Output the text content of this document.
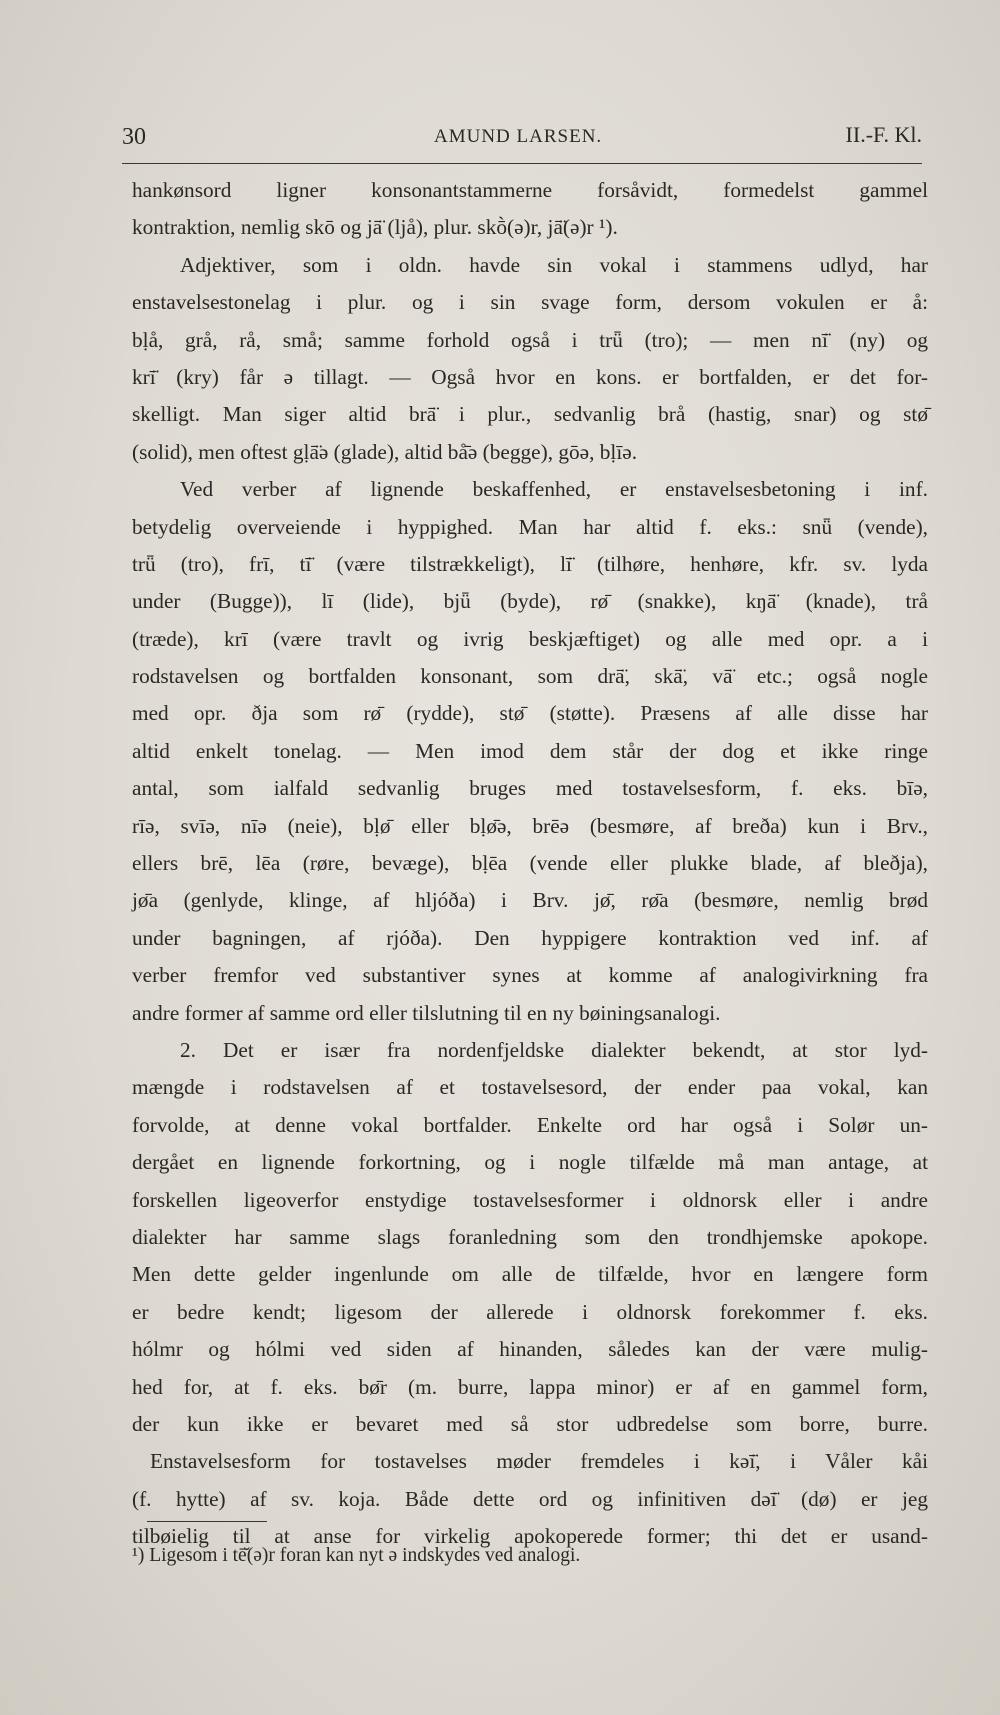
30	AMUND LARSEN.	II.-F. Kl.
hankønsord ligner konsonantstammerne forsåvidt, formedelst gammel
kontraktion, nemlig skō og jā̈ (ljå), plur. skṑ(ə)r, jā̈(ə)r ¹).
Adjektiver, som i oldn. havde sin vokal i stammens udlyd, har
enstavelsestonelag i plur. og i sin svage form, dersom vokulen er å:
bḷå, grå, rå, små; samme forhold også i trǖ (tro); — men nī̈ (ny) og
krī̈ (kry) får ə tillagt. — Også hvor en kons. er bortfalden, er det for-
skelligt. Man siger altid brā̈ i plur., sedvanlig brå (hastig, snar) og stø̄
(solid), men oftest gḷā̈ə (glade), altid bå̄ə (begge), gōə, bḷīə.
Ved verber af lignende beskaffenhed, er enstavelsesbetoning i inf.
betydelig overveiende i hyppighed. Man har altid f. eks.: snǖ (vende),
trǖ (tro), frī, tī̈ (være tilstrækkeligt), lī̈ (tilhøre, henhøre, kfr. sv. lyda
under (Bugge)), lī (lide), bjǖ (byde), rø̄ (snakke), kŋā̈ (knade), trå
(træde), krī (være travlt og ivrig beskjæftiget) og alle med opr. a i
rodstavelsen og bortfalden konsonant, som drā̈, skā̈, vā̈ etc.; også nogle
med opr. ðja som rø̄ (rydde), stø̄ (støtte). Præsens af alle disse har
altid enkelt tonelag. — Men imod dem står der dog et ikke ringe
antal, som ialfald sedvanlig bruges med tostavelsesform, f. eks. bīə,
rīə, svīə, nīə (neie), bḷø̄ eller bḷø̄ə, brēə (besmøre, af breða) kun i Brv.,
ellers brē, lēa (røre, bevæge), bḷēa (vende eller plukke blade, af bleðja),
jø̄a (genlyde, klinge, af hljóða) i Brv. jø̄, rø̄a (besmøre, nemlig brød
under bagningen, af rjóða). Den hyppigere kontraktion ved inf. af
verber fremfor ved substantiver synes at komme af analogivirkning fra
andre former af samme ord eller tilslutning til en ny bøiningsanalogi.
2. Det er især fra nordenfjeldske dialekter bekendt, at stor lyd-
mængde i rodstavelsen af et tostavelsesord, der ender paa vokal, kan
forvolde, at denne vokal bortfalder. Enkelte ord har også i Solør un-
dergået en lignende forkortning, og i nogle tilfælde må man antage, at
forskellen ligeoverfor enstydige tostavelsesformer i oldnorsk eller i andre
dialekter har samme slags foranledning som den trondhjemske apokope.
Men dette gelder ingenlunde om alle de tilfælde, hvor en længere form
er bedre kendt; ligesom der allerede i oldnorsk forekommer f. eks.
hólmr og hólmi ved siden af hinanden, således kan der være mulig-
hed for, at f. eks. bø̄r (m. burre, lappa minor) er af en gammel form,
der kun ikke er bevaret med så stor udbredelse som borre, burre.
Enstavelsesform for tostavelses møder fremdeles i kəī̈, i Våler kåi
(f. hytte) af sv. koja. Både dette ord og infinitiven dəī̈ (dø) er jeg
tilbøielig til at anse for virkelig apokoperede former; thi det er usand-
¹) Ligesom i tē̆(ə)r foran kan nyt ə indskydes ved analogi.
